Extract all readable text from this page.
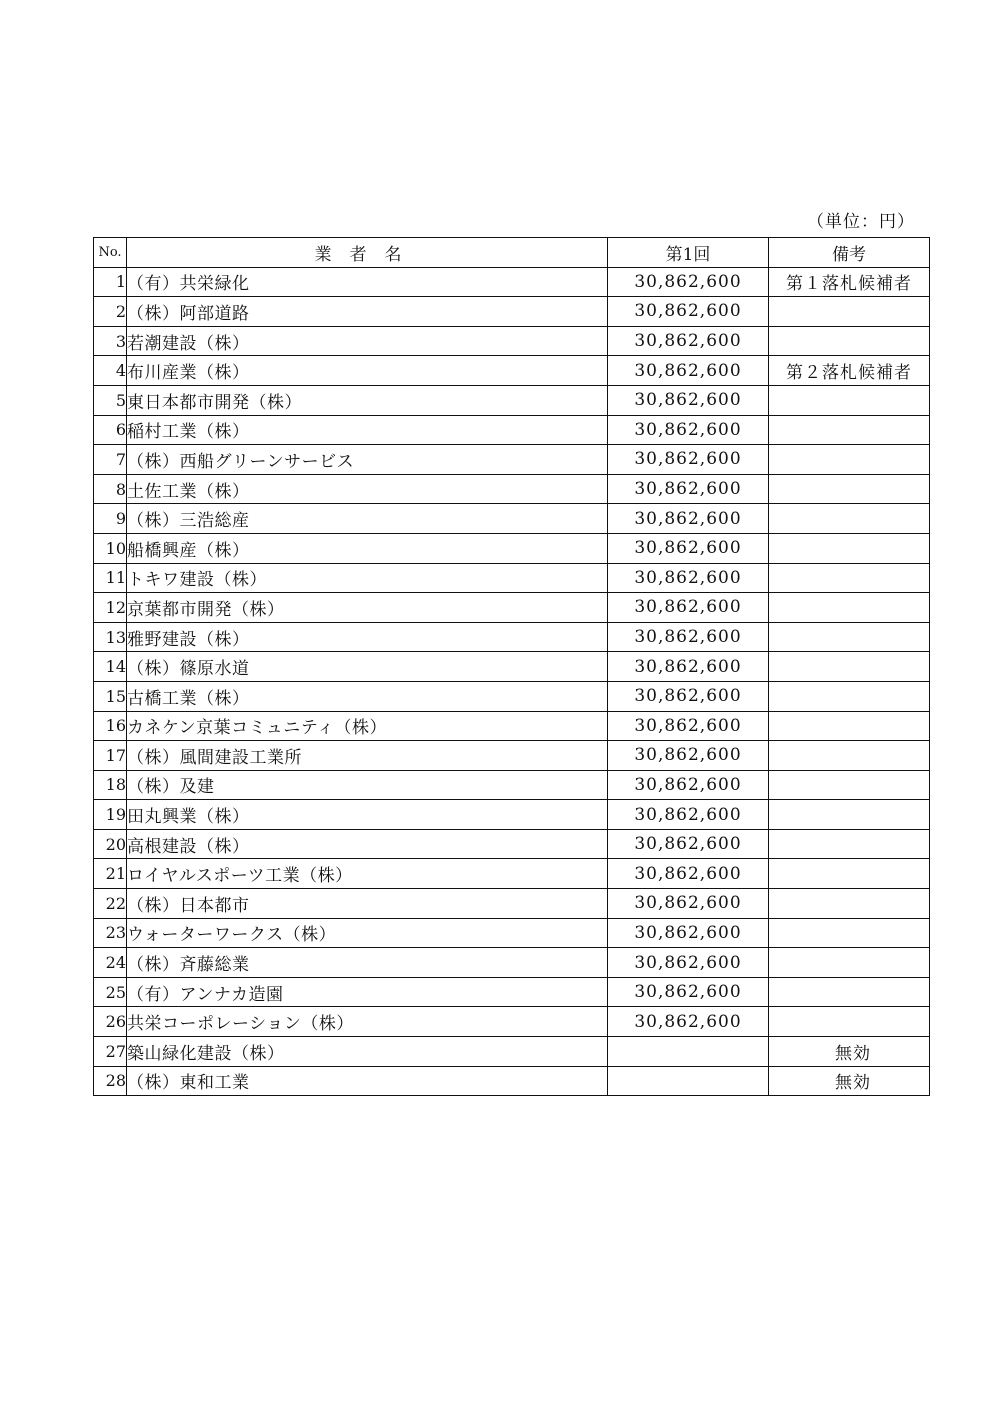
（単位：円）
No.	業者名	第1回	備考
1	（有）共栄緑化	30,862,600	第１落札候補者
2	（株）阿部道路	30,862,600	
3	若潮建設（株）	30,862,600	
4	布川産業（株）	30,862,600	第２落札候補者
5	東日本都市開発（株）	30,862,600	
6	稲村工業（株）	30,862,600	
7	（株）西船グリーンサービス	30,862,600	
8	土佐工業（株）	30,862,600	
9	（株）三浩総産	30,862,600	
10	船橋興産（株）	30,862,600	
11	トキワ建設（株）	30,862,600	
12	京葉都市開発（株）	30,862,600	
13	雅野建設（株）	30,862,600	
14	（株）篠原水道	30,862,600	
15	古橋工業（株）	30,862,600	
16	カネケン京葉コミュニティ（株）	30,862,600	
17	（株）風間建設工業所	30,862,600	
18	（株）及建	30,862,600	
19	田丸興業（株）	30,862,600	
20	高根建設（株）	30,862,600	
21	ロイヤルスポーツ工業（株）	30,862,600	
22	（株）日本都市	30,862,600	
23	ウォーターワークス（株）	30,862,600	
24	（株）斉藤総業	30,862,600	
25	（有）アンナカ造園	30,862,600	
26	共栄コーポレーション（株）	30,862,600	
27	築山緑化建設（株）		無効
28	（株）東和工業		無効
